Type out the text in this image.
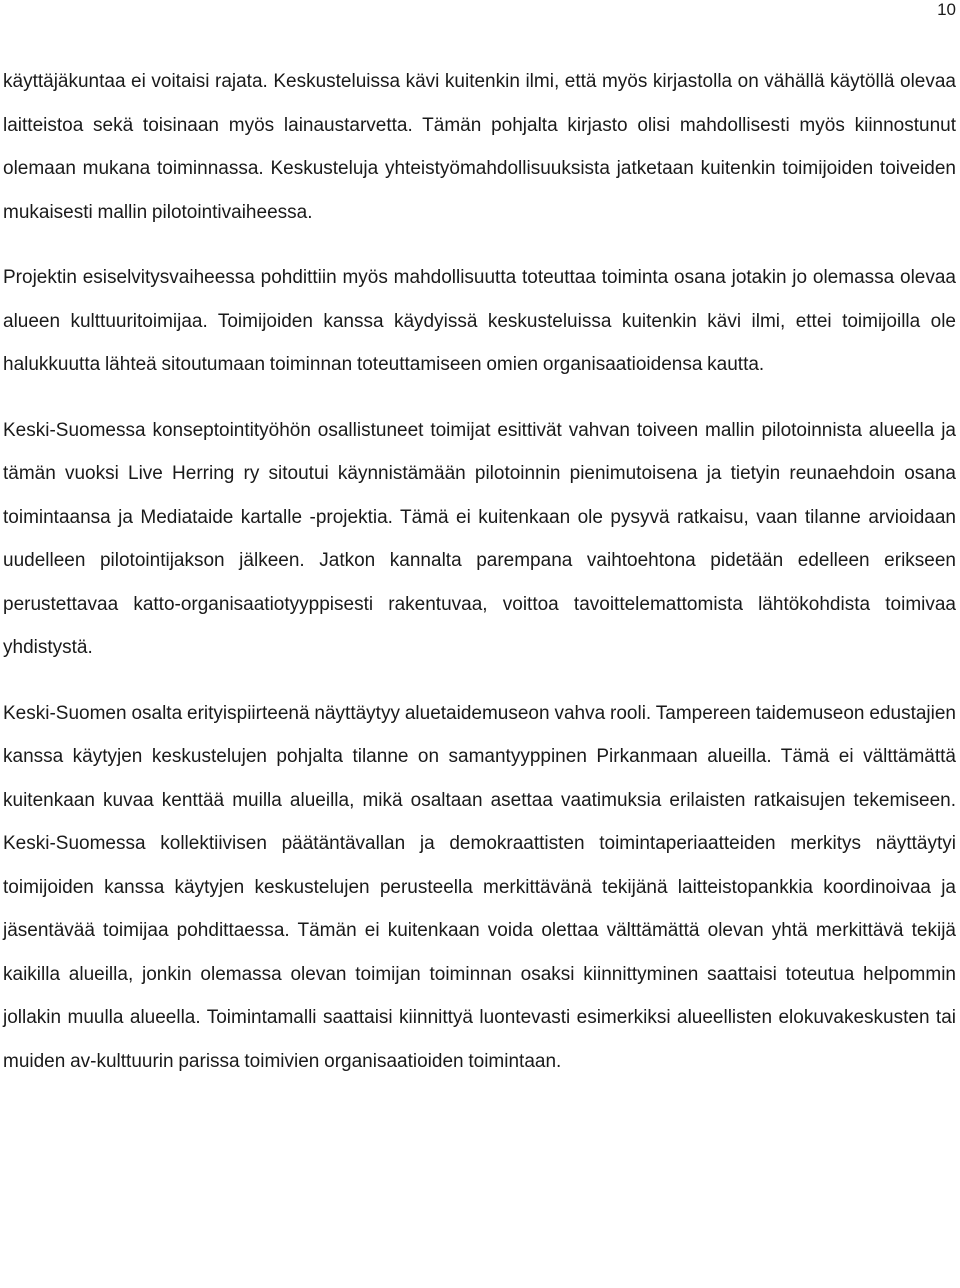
10

käyttäjäkuntaa ei voitaisi rajata. Keskusteluissa kävi kuitenkin ilmi, että myös kirjastolla on vähällä käytöllä olevaa laitteistoa sekä toisinaan myös lainaustarvetta. Tämän pohjalta kirjasto olisi mahdollisesti myös kiinnostunut olemaan mukana toiminnassa. Keskusteluja yhteistyömahdollisuuksista jatketaan kuitenkin toimijoiden toiveiden mukaisesti mallin pilotointivaiheessa.

Projektin esiselvitysvaiheessa pohdittiin myös mahdollisuutta toteuttaa toiminta osana jotakin jo olemassa olevaa alueen kulttuuritoimijaa. Toimijoiden kanssa käydyissä keskusteluissa kuitenkin kävi ilmi, ettei toimijoilla ole halukkuutta lähteä sitoutumaan toiminnan toteuttamiseen omien organisaatioidensa kautta.

Keski-Suomessa konseptointityöhön osallistuneet toimijat esittivät vahvan toiveen mallin pilotoinnista alueella ja tämän vuoksi Live Herring ry sitoutui käynnistämään pilotoinnin pienimutoisena ja tietyin reunaehdoin osana toimintaansa ja Mediataide kartalle -projektia. Tämä ei kuitenkaan ole pysyvä ratkaisu, vaan tilanne arvioidaan uudelleen pilotointijakson jälkeen. Jatkon kannalta parempana vaihtoehtona pidetään edelleen erikseen perustettavaa katto-organisaatiotyyppisesti rakentuvaa, voittoa tavoittelemattomista lähtökohdista toimivaa yhdistystä.

Keski-Suomen osalta erityispiirteenä näyttäytyy aluetaidemuseon vahva rooli. Tampereen taidemuseon edustajien kanssa käytyjen keskustelujen pohjalta tilanne on samantyyppinen Pirkanmaan alueilla. Tämä ei välttämättä kuitenkaan kuvaa kenttää muilla alueilla, mikä osaltaan asettaa vaatimuksia erilaisten ratkaisujen tekemiseen. Keski-Suomessa kollektiivisen päätäntävallan ja demokraattisten toimintaperiaatteiden merkitys näyttäytyi toimijoiden kanssa käytyjen keskustelujen perusteella merkittävänä tekijänä laitteistopankkia koordinoivaa ja jäsentävää toimijaa pohdittaessa. Tämän ei kuitenkaan voida olettaa välttämättä olevan yhtä merkittävä tekijä kaikilla alueilla, jonkin olemassa olevan toimijan toiminnan osaksi kiinnittyminen saattaisi toteutua helpommin jollakin muulla alueella. Toimintamalli saattaisi kiinnittyä luontevasti esimerkiksi alueellisten elokuvakeskusten tai muiden av-kulttuurin parissa toimivien organisaatioiden toimintaan.
